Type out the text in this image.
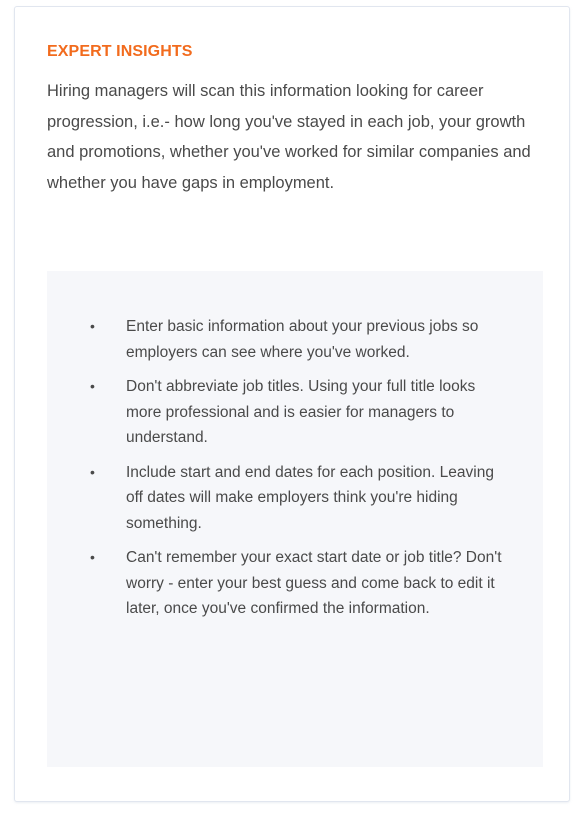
EXPERT INSIGHTS

Hiring managers will scan this information looking for career progression, i.e.- how long you've stayed in each job, your growth and promotions, whether you've worked for similar companies and whether you have gaps in employment.

• Enter basic information about your previous jobs so employers can see where you've worked.
• Don't abbreviate job titles. Using your full title looks more professional and is easier for managers to understand.
• Include start and end dates for each position. Leaving off dates will make employers think you're hiding something.
• Can't remember your exact start date or job title? Don't worry - enter your best guess and come back to edit it later, once you've confirmed the information.
